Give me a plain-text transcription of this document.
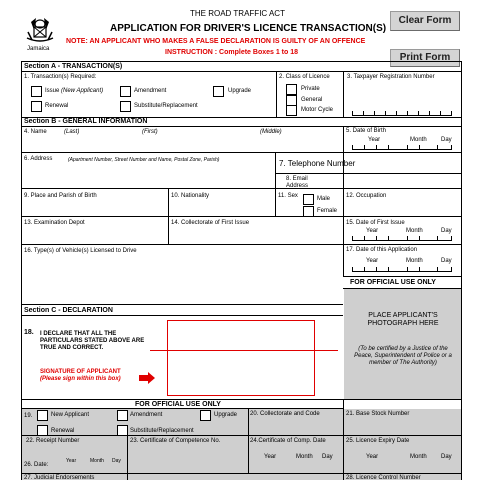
Jamaica
THE ROAD TRAFFIC ACT
APPLICATION FOR DRIVER'S LICENCE TRANSACTION(S)
NOTE: AN APPLICANT WHO MAKES A FALSE DECLARATION IS GUILTY OF AN OFFENCE
INSTRUCTION : Complete Boxes 1 to 18
Clear Form
Print Form
Section A - TRANSACTION(S)
1. Transaction(s) Required:
Issue (New Applicant)	Amendment	Upgrade
Renewal	Substitute/Replacement
2. Class of Licence
Private
General
Motor Cycle
3. Taxpayer Registration Number
Section B - GENERAL INFORMATION
4. Name	(Last)	(First)	(Middle)	5. Date of Birth
Year	Month Day
6. Address	(Apartment Number, Street Number and Name, Postal Zone, Parish)	7. Telephone Number
8. Email
Address
9. Place and Parish of Birth	10. Nationality	11. Sex	Male
Female
12. Occupation
13. Examination Depot	14. Collectorate of First Issue	15. Date of First Issue
Year	Month	Day
16. Type(s) of Vehicle(s) Licensed to Drive	17. Date of this Application
Year	Month	Day
FOR OFFICIAL USE ONLY
PLACE APPLICANT'S PHOTOGRAPH HERE
(To be certified by a Justice of the Peace, Superintendent of Police or a member of The Authority)
Section C - DECLARATION
18. I DECLARE THAT ALL THE PARTICULARS STATED ABOVE ARE TRUE AND CORRECT.
SIGNATURE OF APPLICANT
(Please sign within this box)
FOR OFFICIAL USE ONLY
19.	New Applicant	Amendment	Upgrade
Renewal	Substitute/Replacement
20. Collectorate and Code	21. Base Stock Number
22. Receipt Number	23. Certificate of Competence No.	24.Certificate of Comp. Date
Year	Month Day
25. Licence Expiry Date
Year	Month Day
26. Date:
Year	Month Day
27. Judicial Endorsements	28. Licence Control Number
